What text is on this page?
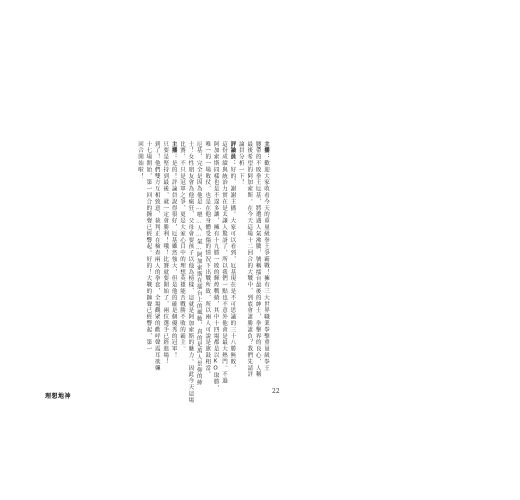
主播：歡迎大家收看今天的重量級拳王爭霸戰！擁有三大世界職業拳擊重量級拳王
腰帶的不敗拳王厄基，將遭遇人氣沸騰，號稱擂台最後的紳士，拳擊界的良心，人稱
最後希望的阿加索斯。在今天這場十二回合的大戰中，到底會誰勝誰負？我們先請評
論員分析一下！
評論員：好的，謝謝主播。大家可以看到，厄基現在是不可思議的三十八勝無敗，
這份成績與統治力實在是太讓人驚訝了，所以我們一點也不意外他會是最大熱門。不過
阿加索斯同樣也是不遑多讓，擁有十九勝一敗的輝煌戰績，其中十四場都是以KO取勝，
唯一的一場敗仗，也是在他身體受傷的情況下出戰所致，所以兩人可說是旗鼓相當。
厄基，完全是因為他是…嗯…人…氣…阿加索斯在擂台上的風範，真的是萬人景仰的紳
士！女性朋友會為他瘋狂，父母會要孩子以他為榜樣，這就是阿加索斯的魅力。因此今天這場
比賽，不只是冠軍之爭，更是大家心目中的理想英雄能否戰勝不敗的霸主。
主播：是的！評論員說得很好，厄基雖然強大，但是他的確是個優秀的冠軍！
只要是堅持到最後，就一定會勝利！哦！比賽就要開始了，兩位選手已經進場！
到了！他們雙方互相致意，裁判正在檢查兩人的拳套，全場觀眾的歡呼聲震耳欲聾
十七場開始，第一回合的鐘聲已經響起。好的！大戰的鐘聲已經響起，第一
回合開始啦！
22
理想地神
